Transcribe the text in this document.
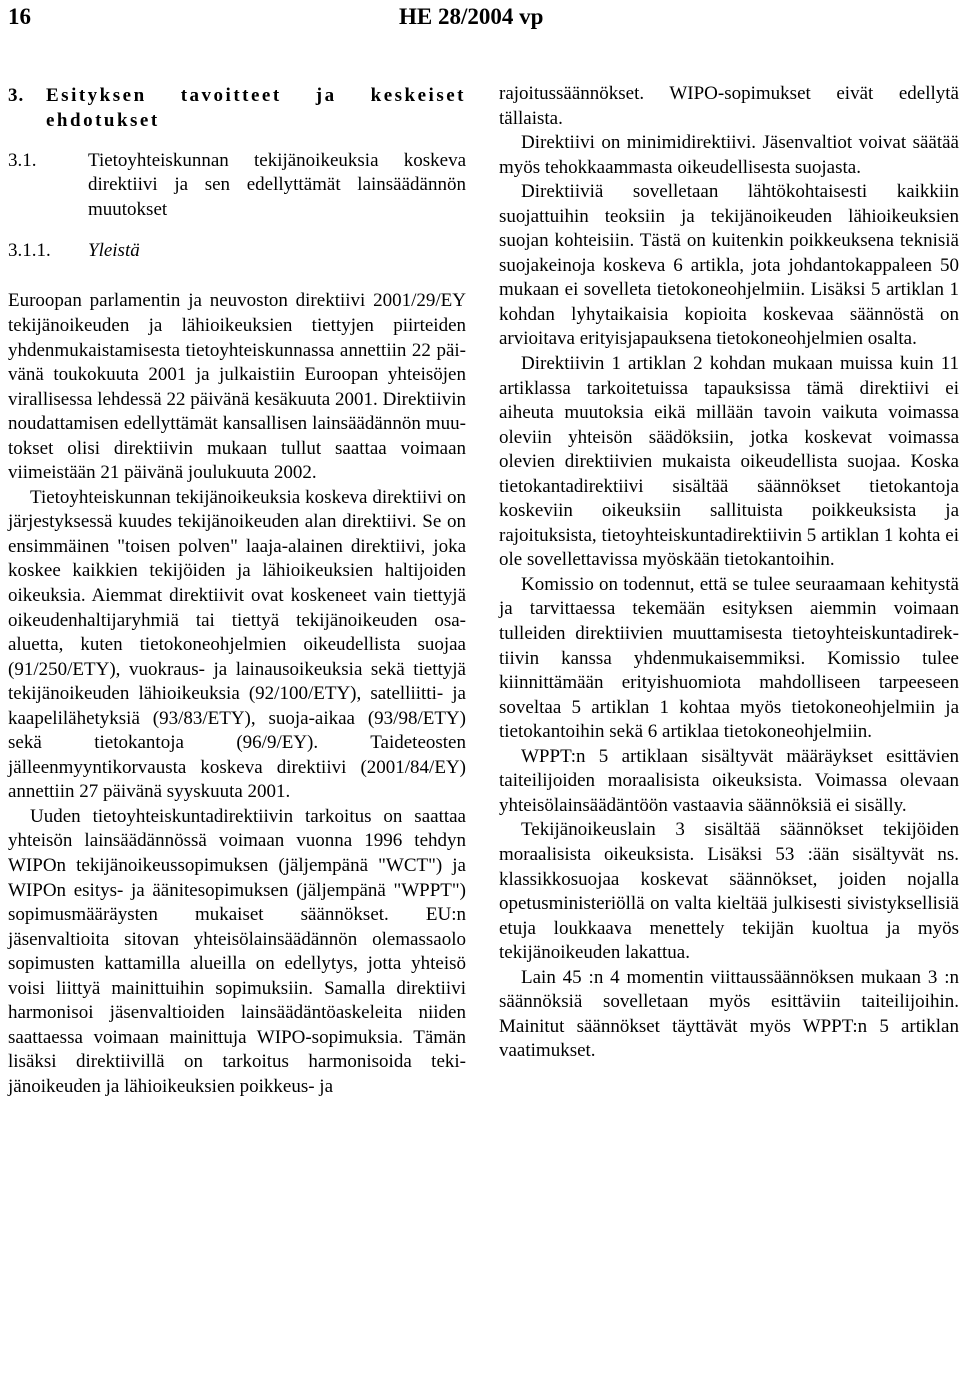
16	HE 28/2004 vp
3.	Esityksen tavoitteet ja keskeiset ehdotukset
3.1.	Tietoyhteiskunnan tekijänoikeuksia koskeva direktiivi ja sen edellyttämät lainsäädännön muutokset
3.1.1.	Yleistä

Euroopan parlamentin ja neuvoston direktiivi 2001/29/EY tekijänoikeuden ja lähioikeuksien tiettyjen piirteiden yhdenmukaistamisesta tietoyhteiskunnassa annettiin 22 päivänä toukokuuta 2001 ja julkaistiin Euroopan yhteisöjen virallisessa lehdessä 22 päivänä kesäkuuta 2001. Direktiivin noudattamisen edellyttämät kansallisen lainsäädännön muutokset olisi direktiivin mukaan tullut saattaa voimaan viimeistään 21 päivänä joulukuuta 2002.

Tietoyhteiskunnan tekijänoikeuksia koskeva direktiivi on järjestyksessä kuudes tekijänoikeuden alan direktiivi. Se on ensimmäinen "toisen polven" laaja-alainen direktiivi, joka koskee kaikkien tekijöiden ja lähioikeuksien haltijoiden oikeuksia. Aiemmat direktiivit ovat koskeneet vain tiettyjä oikeudenhaltijaryhmiä tai tiettyä tekijänoikeuden osaaluetta, kuten tietokoneohjelmien oikeudellista suojaa (91/250/ETY), vuokraus- ja lainausoikeuksia sekä tiettyjä tekijänoikeuden lähioikeuksia (92/100/ETY), satelliitti- ja kaapelilähetyksiä (93/83/ETY), suoja-aikaa (93/98/ETY) sekä tietokantoja (96/9/EY). Taideteosten jälleenmyyntikorvausta koskeva direktiivi (2001/84/EY) annettiin 27 päivänä syyskuuta 2001.

Uuden tietoyhteiskuntadirektiivin tarkoitus on saattaa yhteisön lainsäädännössä voimaan vuonna 1996 tehdyn WIPOn tekijänoikeussopimuksen (jäljempänä "WCT") ja WIPOn esitys- ja äänitesopimuksen (jäljempänä "WPPT") sopimusmääräysten mukaiset säännökset. EU:n jäsenvaltioita sitovan yhteisölainsäädännön olemassaolo sopimusten kattamilla alueilla on edellytys, jotta yhteisö voisi liittyä mainittuihin sopimuksiin. Samalla direktiivi harmonisoi jäsenvaltioiden lainsäädäntöaskeleita niiden saattaessa voimaan mainittuja WIPO-sopimuksia. Tämän lisäksi direktiivillä on tarkoitus harmonisoida tekijänoikeuden ja lähioikeuksien poikkeus- ja

rajoitussäännökset. WIPO-sopimukset eivät edellytä tällaista.

Direktiivi on minimidirektiivi. Jäsenvaltiot voivat säätää myös tehokkaammasta oikeudellisesta suojasta.

Direktiiviä sovelletaan lähtökohtaisesti kaikkiin suojattuihin teoksiin ja tekijänoikeuden lähioikeuksien suojan kohteisiin. Tästä on kuitenkin poikkeuksena teknisiä suojakeinoja koskeva 6 artikla, jota johdantokappaleen 50 mukaan ei sovelleta tietokoneohjelmiin. Lisäksi 5 artiklan 1 kohdan lyhytaikaisia kopioita koskevaa säännöstä on arvioitava erityisjapauksena tietokoneohjelmien osalta.

Direktiivin 1 artiklan 2 kohdan mukaan muissa kuin 11 artiklassa tarkoitetuissa tapauksissa tämä direktiivi ei aiheuta muutoksia eikä millään tavoin vaikuta voimassa oleviin yhteisön säädöksiin, jotka koskevat voimassa olevien direktiivien mukaista oikeudellista suojaa. Koska tietokantadirektiivi sisältää säännökset tietokantoja koskeviin oikeuksiin sallituista poikkeuksista ja rajoituksista, tietoyhteiskuntadirektiivin 5 artiklan 1 kohta ei ole sovellettavissa myöskään tietokantoihin.

Komissio on todennut, että se tulee seuraamaan kehitystä ja tarvittaessa tekemään esityksen aiemmin voimaan tulleiden direktiivien muuttamisesta tietoyhteiskuntadirektiivin kanssa yhdenmukaisemmiksi. Komissio tulee kiinnittämään erityishuomiota mahdolliseen tarpeeseen soveltaa 5 artiklan 1 kohtaa myös tietokoneohjelmiin ja tietokantoihin sekä 6 artiklaa tietokoneohjelmiin.

WPPT:n 5 artiklaan sisältyvät määräykset esittävien taiteilijoiden moraalisista oikeuksista. Voimassa olevaan yhteisölainsäädäntöön vastaavia säännöksiä ei sisälly.

Tekijänoikeuslain 3 sisältää säännökset tekijöiden moraalisista oikeuksista. Lisäksi 53 :ään sisältyvät ns. klassikkosuojaa koskevat säännökset, joiden nojalla opetusministeriöllä on valta kieltää julkisesti sivistyksellisiä etuja loukkaava menettely tekijän kuoltua ja myös tekijänoikeuden lakattua.

Lain 45 :n 4 momentin viittaussäännöksen mukaan 3 :n säännöksiä sovelletaan myös esittäviin taiteilijoihin. Mainitut säännökset täyttävät myös WPPT:n 5 artiklan vaatimukset.
